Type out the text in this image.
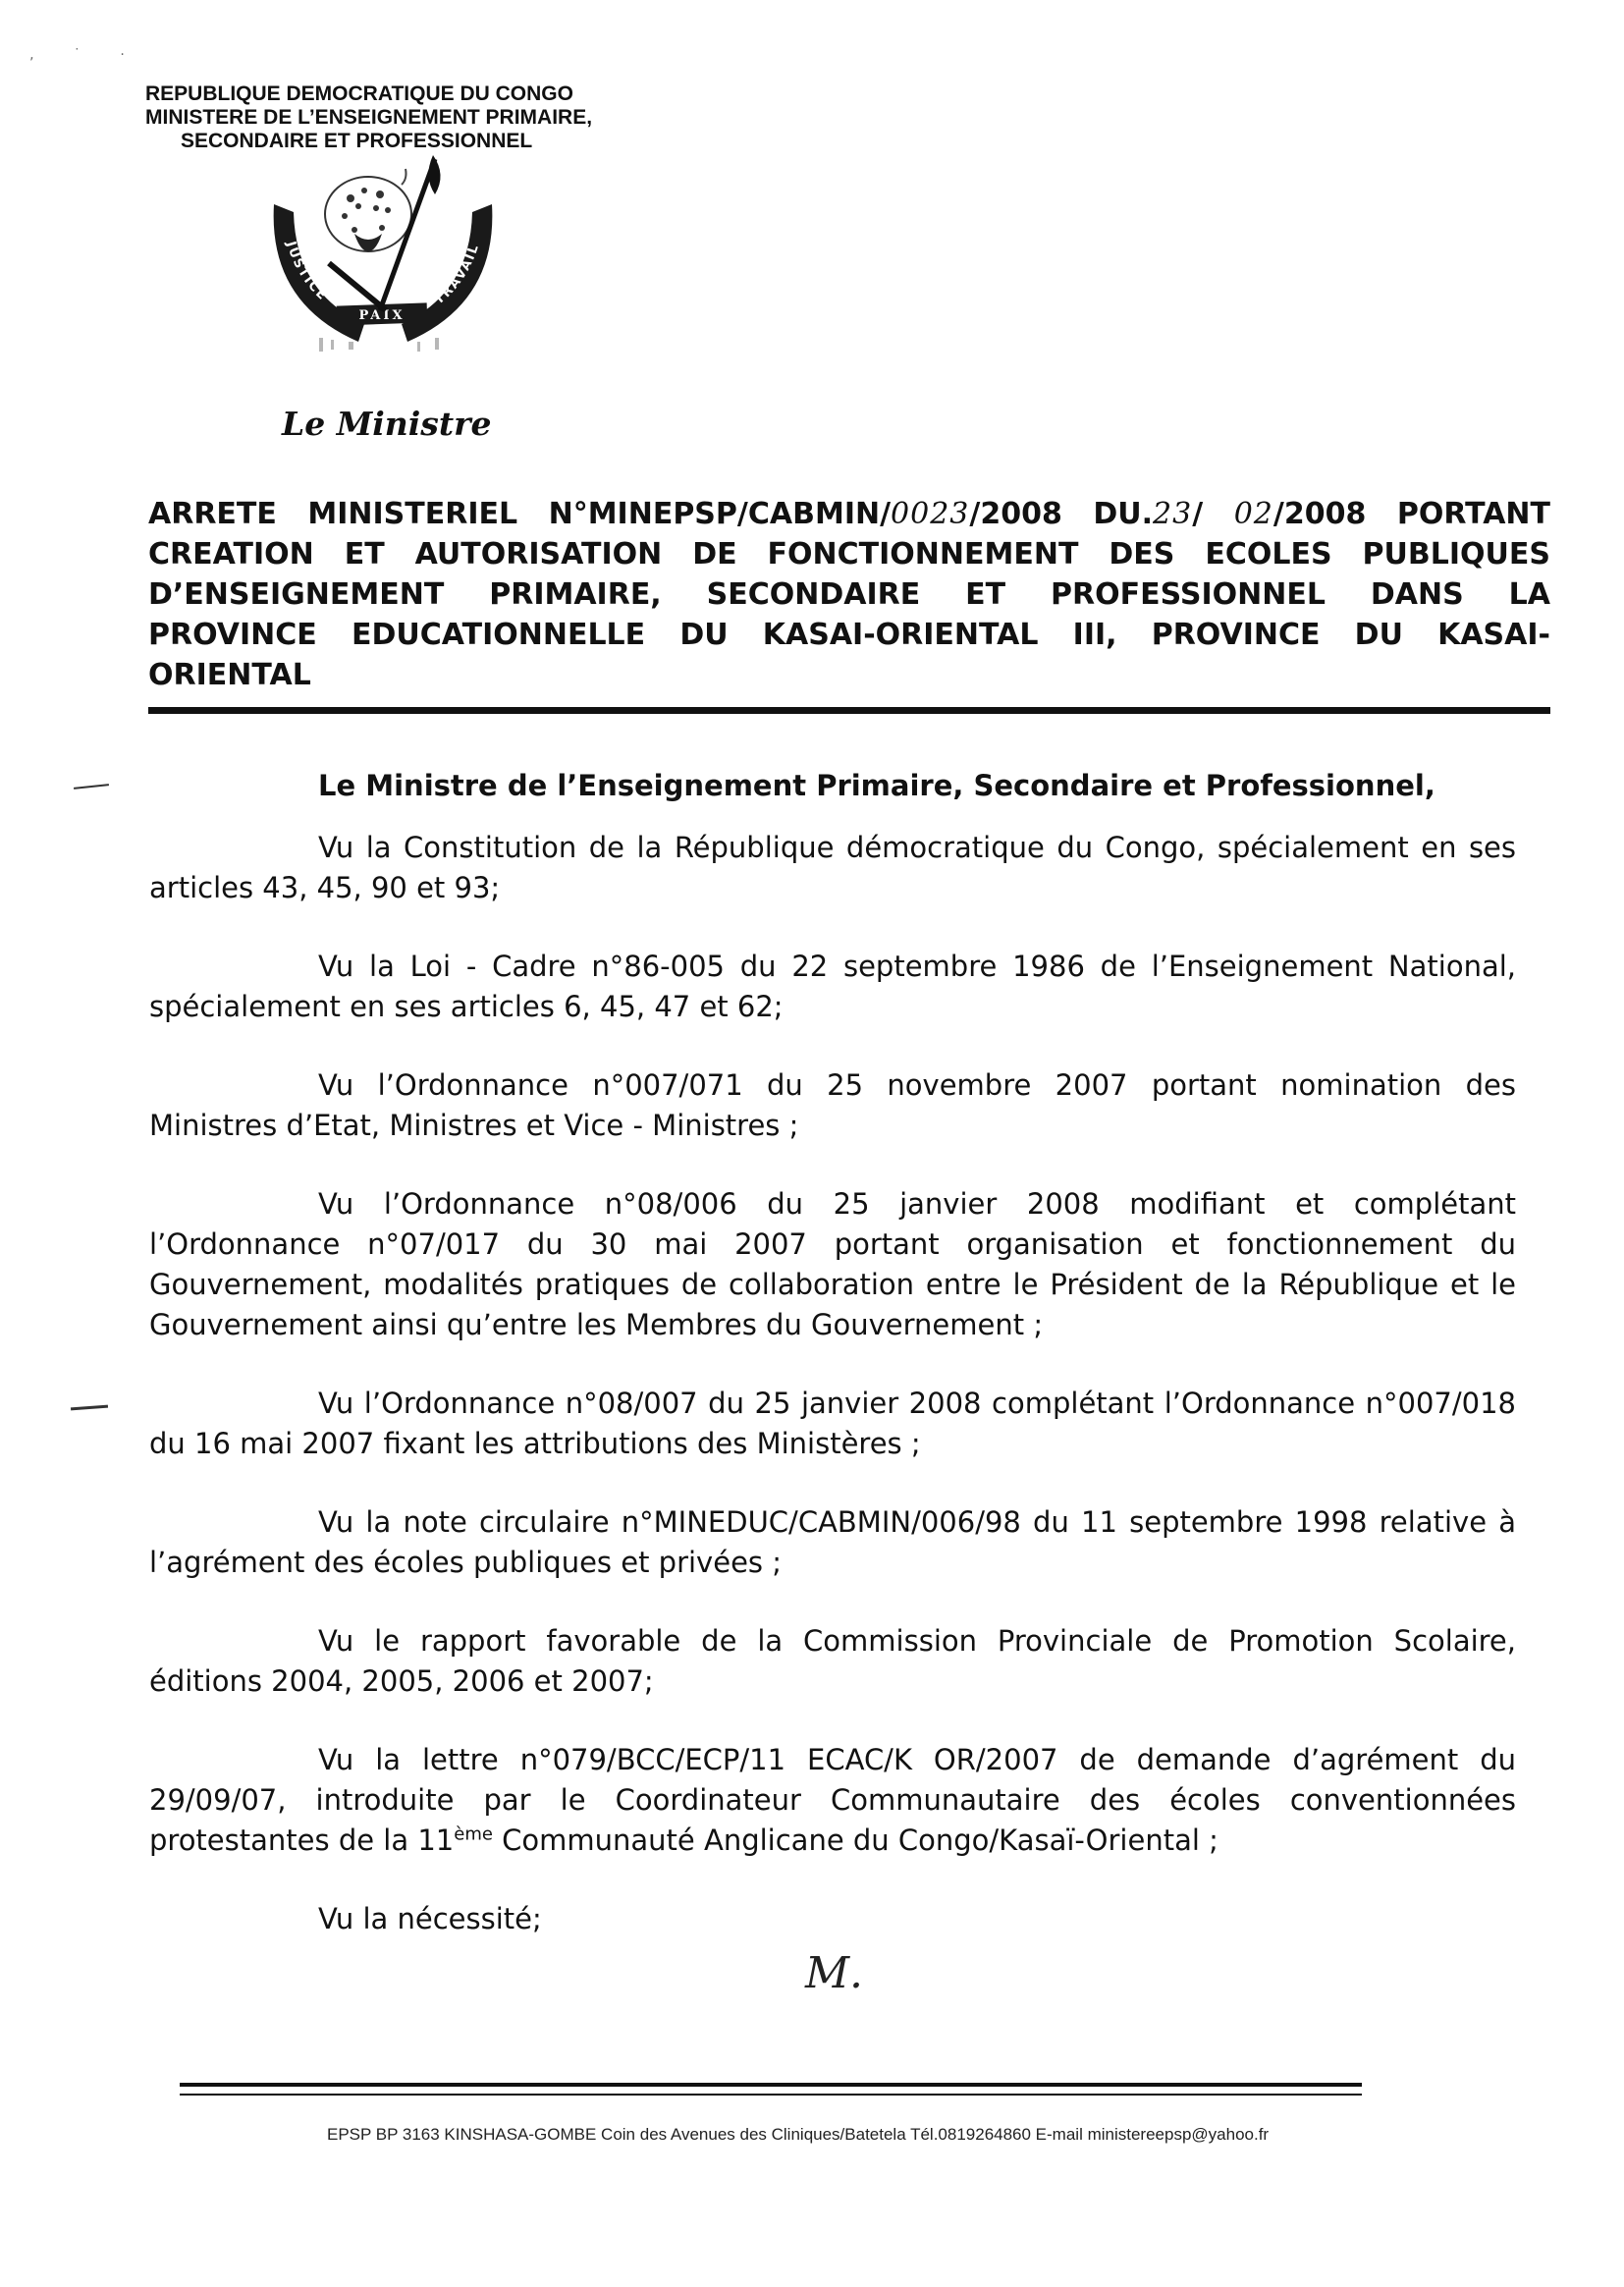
‚ ˙ ·
REPUBLIQUE DEMOCRATIQUE DU CONGO
MINISTERE DE L’ENSEIGNEMENT PRIMAIRE,
SECONDAIRE ET PROFESSIONNEL
JUSTICE	TRAVAIL
PAIX
Le Ministre
ARRETE MINISTERIEL N°MINEPSP/CABMIN/0023/2008 DU.23/ 02/2008 PORTANT
CREATION ET AUTORISATION DE FONCTIONNEMENT DES ECOLES PUBLIQUES
D’ENSEIGNEMENT PRIMAIRE, SECONDAIRE ET PROFESSIONNEL DANS LA
PROVINCE EDUCATIONNELLE DU KASAI-ORIENTAL III, PROVINCE DU KASAI-
ORIENTAL

Le Ministre de l’Enseignement Primaire, Secondaire et Professionnel,

Vu la Constitution de la République démocratique du Congo, spécialement en ses articles 43, 45, 90 et 93;

Vu la Loi - Cadre n°86-005 du 22 septembre 1986 de l’Enseignement National, spécialement en ses articles 6, 45, 47 et 62;

Vu l’Ordonnance n°007/071 du 25 novembre 2007 portant nomination des Ministres d’Etat, Ministres et Vice - Ministres ;

Vu l’Ordonnance n°08/006 du 25 janvier 2008 modifiant et complétant l’Ordonnance n°07/017 du 30 mai 2007 portant organisation et fonctionnement du Gouvernement, modalités pratiques de collaboration entre le Président de la République et le Gouvernement ainsi qu’entre les Membres du Gouvernement ;

Vu l’Ordonnance n°08/007 du 25 janvier 2008 complétant l’Ordonnance n°007/018 du 16 mai 2007 fixant les attributions des Ministères ;

Vu la note circulaire n°MINEDUC/CABMIN/006/98 du 11 septembre 1998 relative à l’agrément des écoles publiques et privées ;

Vu le rapport favorable de la Commission Provinciale de Promotion Scolaire, éditions 2004, 2005, 2006 et 2007;

Vu la lettre n°079/BCC/ECP/11 ECAC/K OR/2007 de demande d’agrément du 29/09/07, introduite par le Coordinateur Communautaire des écoles conventionnées protestantes de la 11ème Communauté Anglicane du Congo/Kasaï-Oriental ;

Vu la nécessité;

M.
EPSP BP 3163 KINSHASA-GOMBE Coin des Avenues des Cliniques/Batetela Tél.0819264860 E-mail ministereepsp@yahoo.fr
